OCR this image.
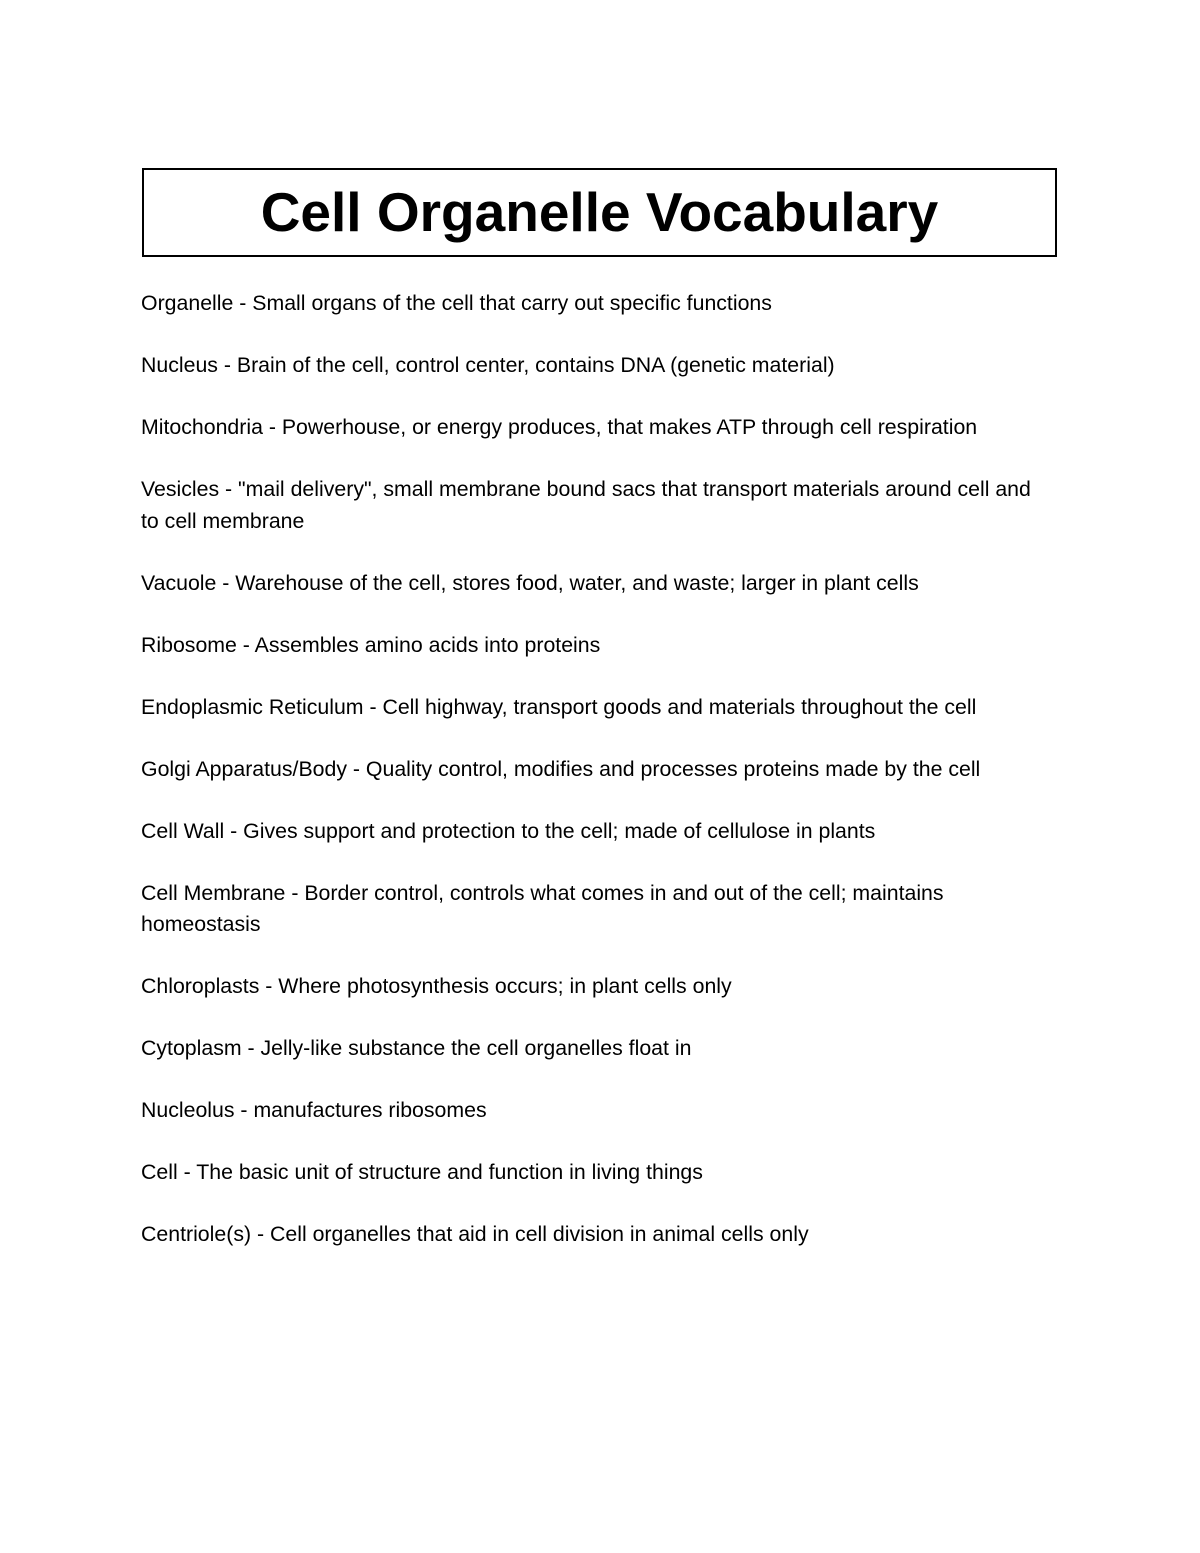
Cell Organelle Vocabulary
Organelle - Small organs of the cell that carry out specific functions
Nucleus - Brain of the cell, control center, contains DNA (genetic material)
Mitochondria - Powerhouse, or energy produces, that makes ATP through cell respiration
Vesicles - "mail delivery", small membrane bound sacs that transport materials around cell and to cell membrane
Vacuole - Warehouse of the cell, stores food, water, and waste; larger in plant cells
Ribosome - Assembles amino acids into proteins
Endoplasmic Reticulum - Cell highway, transport goods and materials throughout the cell
Golgi Apparatus/Body - Quality control, modifies and processes proteins made by the cell
Cell Wall - Gives support and protection to the cell; made of cellulose in plants
Cell Membrane - Border control, controls what comes in and out of the cell; maintains homeostasis
Chloroplasts - Where photosynthesis occurs; in plant cells only
Cytoplasm - Jelly-like substance the cell organelles float in
Nucleolus - manufactures ribosomes
Cell - The basic unit of structure and function in living things
Centriole(s) - Cell organelles that aid in cell division in animal cells only
